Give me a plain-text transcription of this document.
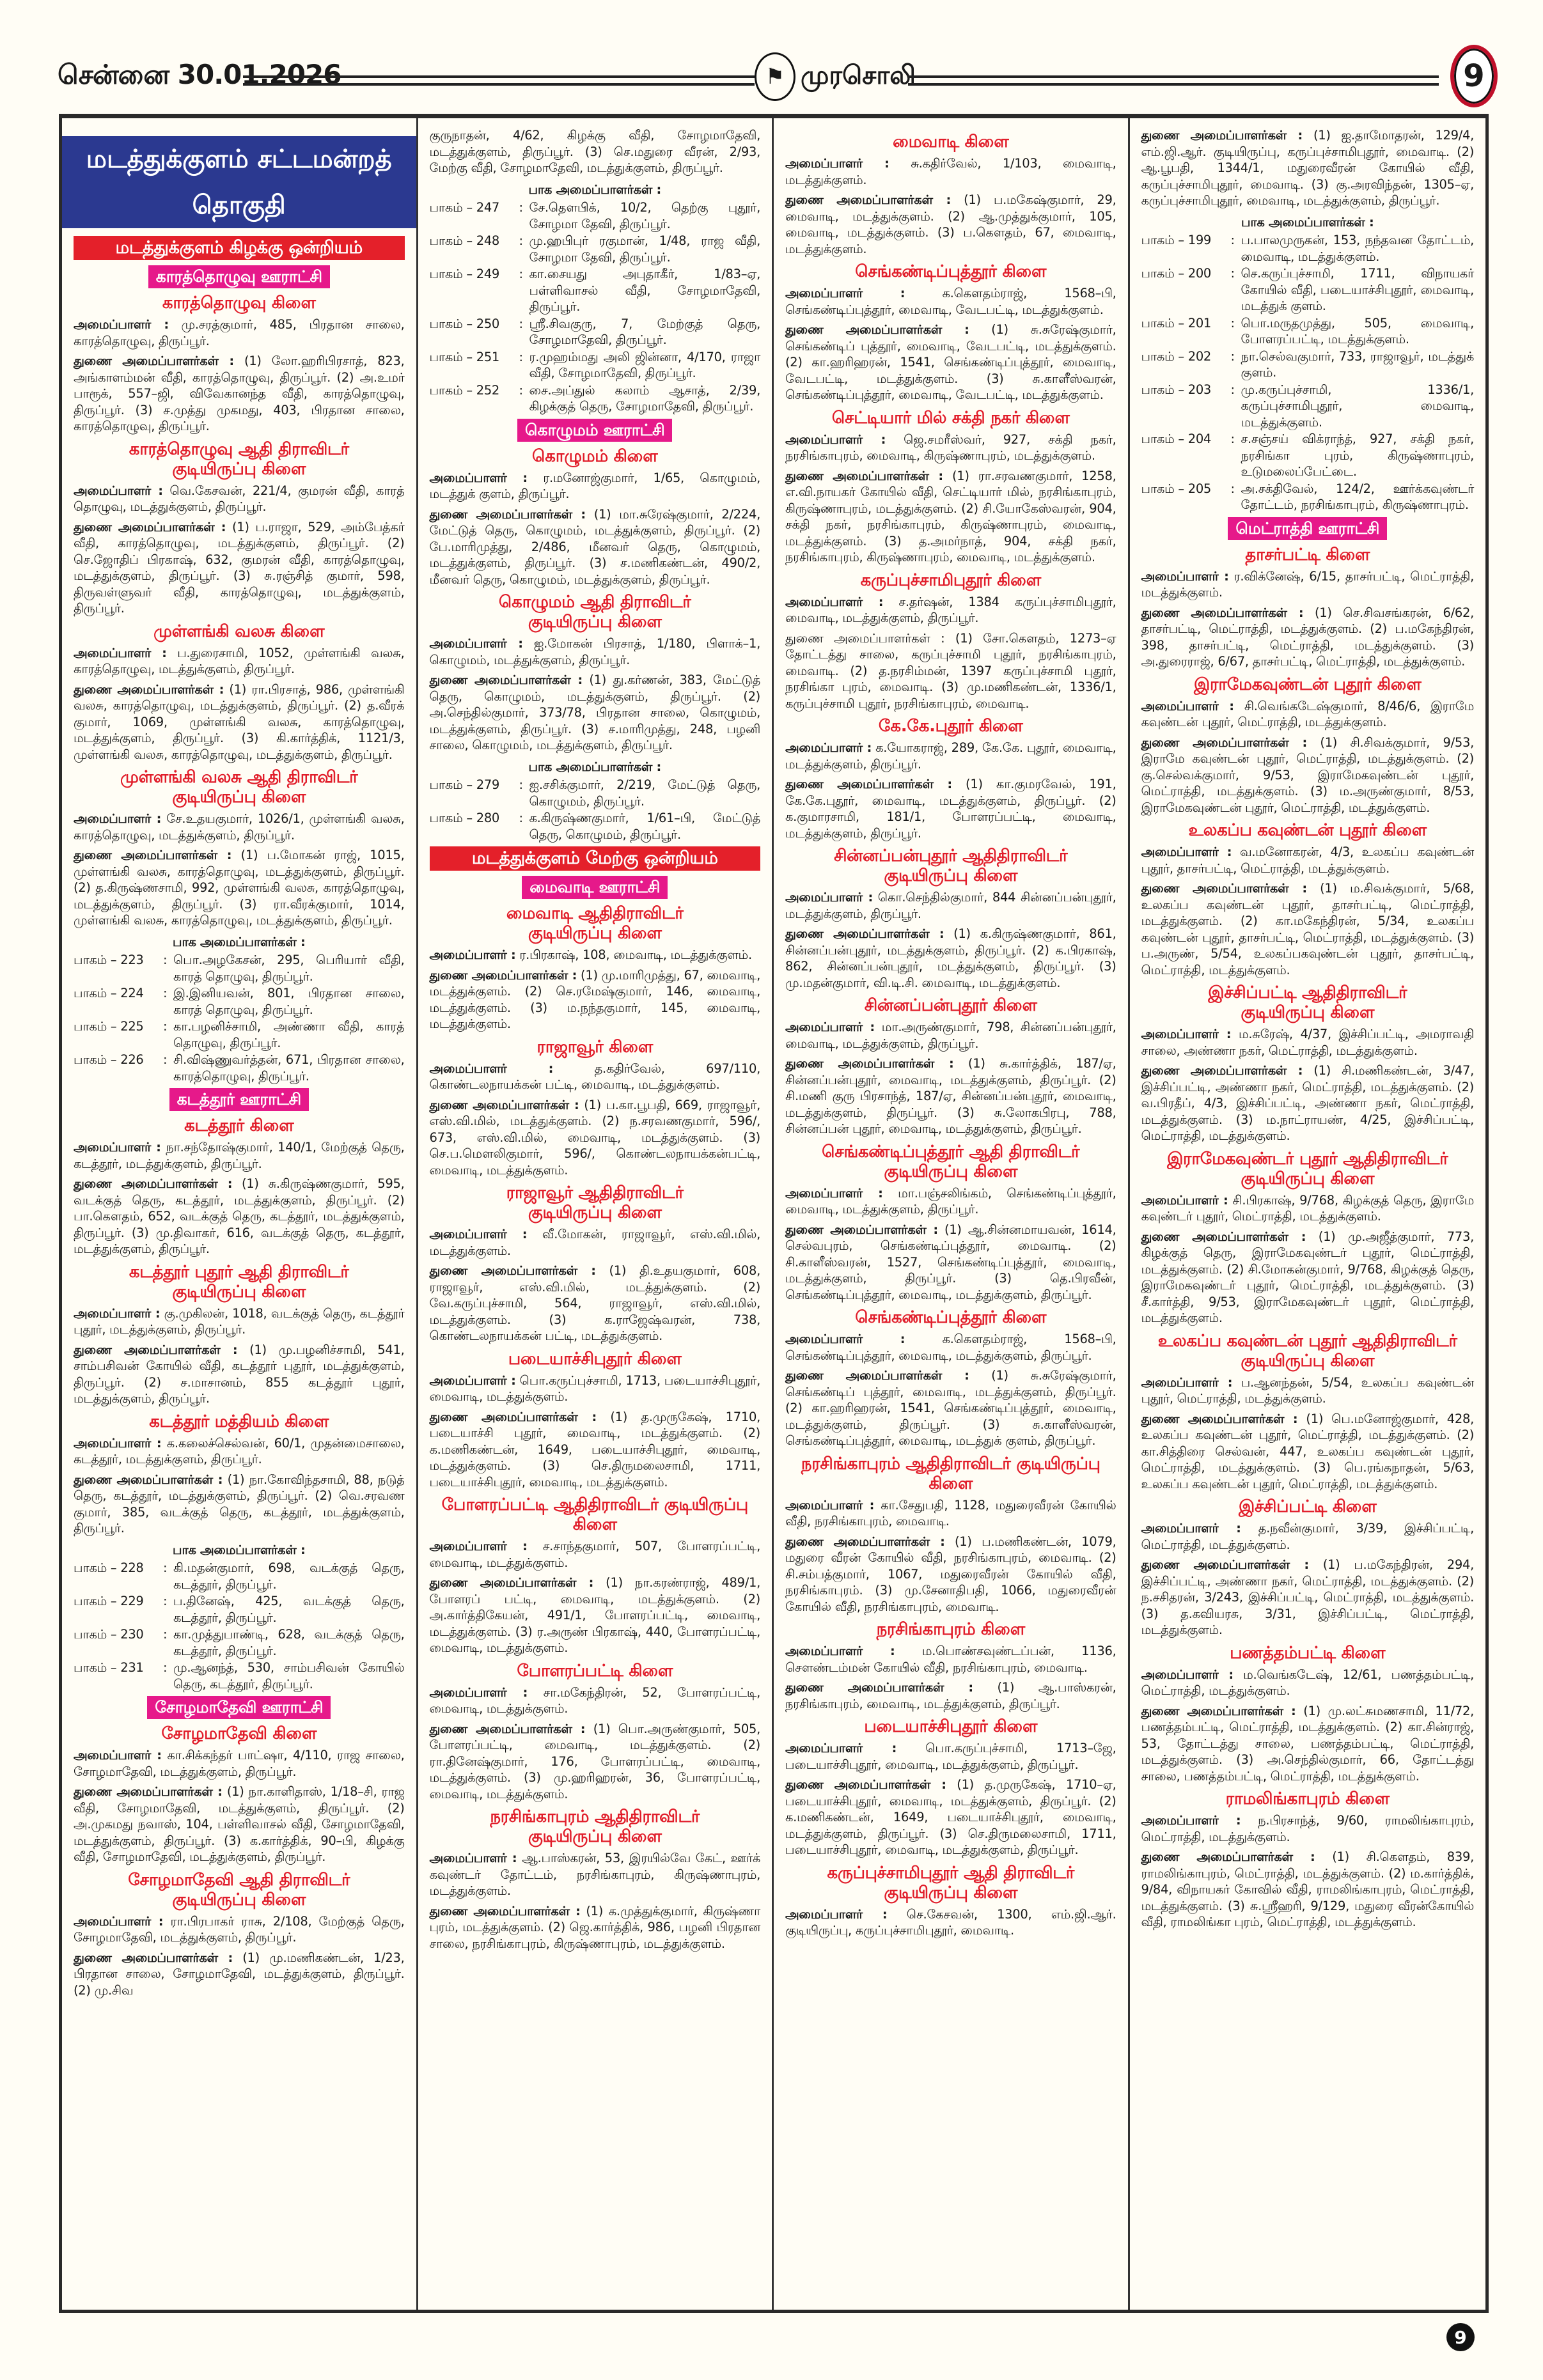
சென்னை 30.01.2026	⚑ முரசொலி	9
மடத்துக்குளம் சட்டமன்றத் தொகுதி
மடத்துக்குளம் கிழக்கு ஒன்றியம்
காரத்தொழுவு ஊராட்சி
காரத்தொழுவு கிளை

அமைப்பாளர் : மு.சரத்குமார், 485, பிரதான சாலை, காரத்தொழுவு, திருப்பூர்.

துணை அமைப்பாளர்கள் : (1) லோ.ஹரிபிரசாத், 823, அங்காளம்மன் வீதி, காரத்தொழுவு, திருப்பூர். (2) அ.உமர் பாரூக், 557–ஜி, விவேகானந்த வீதி, காரத்தொழுவு, திருப்பூர். (3) ச.முத்து முகமது, 403, பிரதான சாலை, காரத்தொழுவு, திருப்பூர்.

காரத்தொழுவு ஆதி திராவிடர்
குடியிருப்பு கிளை

அமைப்பாளர் : வெ.கேசவன், 221/4, குமரன் வீதி, காரத் தொழுவு, மடத்துக்குளம், திருப்பூர்.

துணை அமைப்பாளர்கள் : (1) ப.ராஜா, 529, அம்பேத்கர் வீதி, காரத்தொழுவு, மடத்துக்குளம், திருப்பூர். (2) செ.ஜோதிப் பிரகாஷ், 632, குமரன் வீதி, காரத்தொழுவு, மடத்துக்குளம், திருப்பூர். (3) சு.ரஞ்சித் குமார், 598, திருவள்ளுவர் வீதி, காரத்தொழுவு, மடத்துக்குளம், திருப்பூர்.

முள்ளங்கி வலசு கிளை

அமைப்பாளர் : ப.துரைசாமி, 1052, முள்ளங்கி வலசு, காரத்தொழுவு, மடத்துக்குளம், திருப்பூர்.

துணை அமைப்பாளர்கள் : (1) ரா.பிரசாத், 986, முள்ளங்கி வலசு, காரத்தொழுவு, மடத்துக்குளம், திருப்பூர். (2) த.வீரக் குமார், 1069, முள்ளங்கி வலசு, காரத்தொழுவு, மடத்துக்குளம், திருப்பூர். (3) கி.கார்த்திக், 1121/3, முள்ளங்கி வலசு, காரத்தொழுவு, மடத்துக்குளம், திருப்பூர்.

முள்ளங்கி வலசு ஆதி திராவிடர்
குடியிருப்பு கிளை

அமைப்பாளர் : சே.உதயகுமார், 1026/1, முள்ளங்கி வலசு, காரத்தொழுவு, மடத்துக்குளம், திருப்பூர்.

துணை அமைப்பாளர்கள் : (1) ப.மோகன் ராஜ், 1015, முள்ளங்கி வலசு, காரத்தொழுவு, மடத்துக்குளம், திருப்பூர். (2) த.கிருஷ்ணசாமி, 992, முள்ளங்கி வலசு, காரத்தொழுவு, மடத்துக்குளம், திருப்பூர். (3) ரா.வீரக்குமார், 1014, முள்ளங்கி வலசு, காரத்தொழுவு, மடத்துக்குளம், திருப்பூர்.

பாக அமைப்பாளர்கள் :
பாகம் – 223	: பொ.அழகேசன், 295, பெரியார் வீதி, காரத் தொழுவு, திருப்பூர்.
பாகம் – 224	: இ.இனியவன், 801, பிரதான சாலை, காரத் தொழுவு, திருப்பூர்.
பாகம் – 225	: கா.பழனிச்சாமி, அண்ணா வீதி, காரத் தொழுவு, திருப்பூர்.
பாகம் – 226	: சி.விஷ்ணுவர்த்தன், 671, பிரதான சாலை, காரத்தொழுவு, திருப்பூர்.
கடத்தூர் ஊராட்சி
கடத்தூர் கிளை

அமைப்பாளர் : நா.சந்தோஷ்குமார், 140/1, மேற்குத் தெரு, கடத்தூர், மடத்துக்குளம், திருப்பூர்.

துணை அமைப்பாளர்கள் : (1) சு.கிருஷ்ணகுமார், 595, வடக்குத் தெரு, கடத்தூர், மடத்துக்குளம், திருப்பூர். (2) பா.கௌதம், 652, வடக்குத் தெரு, கடத்தூர், மடத்துக்குளம், திருப்பூர். (3) மு.திவாகர், 616, வடக்குத் தெரு, கடத்தூர், மடத்துக்குளம், திருப்பூர்.

கடத்தூர் புதூர் ஆதி திராவிடர்
குடியிருப்பு கிளை

அமைப்பாளர் : கு.முகிலன், 1018, வடக்குத் தெரு, கடத்தூர் புதூர், மடத்துக்குளம், திருப்பூர்.

துணை அமைப்பாளர்கள் : (1) மு.பழனிச்சாமி, 541, சாம்பசிவன் கோயில் வீதி, கடத்தூர் புதூர், மடத்துக்குளம், திருப்பூர். (2) ச.மாசானம், 855 கடத்தூர் புதூர், மடத்துக்குளம், திருப்பூர்.

கடத்தூர் மத்தியம் கிளை

அமைப்பாளர் : க.கலைச்செல்வன், 60/1, முதன்மைசாலை, கடத்தூர், மடத்துக்குளம், திருப்பூர்.

துணை அமைப்பாளர்கள் : (1) நா.கோவிந்தசாமி, 88, நடுத் தெரு, கடத்தூர், மடத்துக்குளம், திருப்பூர். (2) வெ.சரவண குமார், 385, வடக்குத் தெரு, கடத்தூர், மடத்துக்குளம், திருப்பூர்.

பாக அமைப்பாளர்கள் :
பாகம் – 228	: கி.மதன்குமார், 698, வடக்குத் தெரு, கடத்தூர், திருப்பூர்.
பாகம் – 229	: ப.தினேஷ், 425, வடக்குத் தெரு, கடத்தூர், திருப்பூர்.
பாகம் – 230	: கா.முத்துபாண்டி, 628, வடக்குத் தெரு, கடத்தூர், திருப்பூர்.
பாகம் – 231	: மு.ஆனந்த், 530, சாம்பசிவன் கோயில் தெரு, கடத்தூர், திருப்பூர்.
சோழமாதேவி ஊராட்சி
சோழமாதேவி கிளை

அமைப்பாளர் : கா.சிக்கந்தர் பாட்ஷா, 4/110, ராஜ சாலை, சோழமாதேவி, மடத்துக்குளம், திருப்பூர்.

துணை அமைப்பாளர்கள் : (1) நா.காளிதாஸ், 1/18–சி, ராஜ வீதி, சோழமாதேவி, மடத்துக்குளம், திருப்பூர். (2) அ.முகமது நவாஸ், 104, பள்ளிவாசல் வீதி, சோழமாதேவி, மடத்துக்குளம், திருப்பூர். (3) க.கார்த்திக், 90–பி, கிழக்கு வீதி, சோழமாதேவி, மடத்துக்குளம், திருப்பூர்.

சோழமாதேவி ஆதி திராவிடர்
குடியிருப்பு கிளை

அமைப்பாளர் : ரா.பிரபாகர் ராசு, 2/108, மேற்குத் தெரு, சோழமாதேவி, மடத்துக்குளம், திருப்பூர்.

துணை அமைப்பாளர்கள் : (1) மு.மணிகண்டன், 1/23, பிரதான சாலை, சோழமாதேவி, மடத்துக்குளம், திருப்பூர். (2) மு.சிவ

குருநாதன், 4/62, கிழக்கு வீதி, சோழமாதேவி, மடத்துக்குளம், திருப்பூர். (3) செ.மதுரை வீரன், 2/93, மேற்கு வீதி, சோழமாதேவி, மடத்துக்குளம், திருப்பூர்.

பாக அமைப்பாளர்கள் :
பாகம் – 247	: சே.தௌபிக், 10/2, தெற்கு புதூர், சோழமா தேவி, திருப்பூர்.
பாகம் – 248	: மு.ஹபிபுர் ரகுமான், 1/48, ராஜ வீதி, சோழமா தேவி, திருப்பூர்.
பாகம் – 249	: கா.சையது அபுதாகீர், 1/83–ஏ, பள்ளிவாசல் வீதி, சோழமாதேவி, திருப்பூர்.
பாகம் – 250	: ஸ்ரீ.சிவகுரு, 7, மேற்குத் தெரு, சோழமாதேவி, திருப்பூர்.
பாகம் – 251	: ர.முஹம்மது அலி ஜின்னா, 4/170, ராஜா வீதி, சோழமாதேவி, திருப்பூர்.
பாகம் – 252	: சை.அப்துல் கலாம் ஆசாத், 2/39, கிழக்குத் தெரு, சோழமாதேவி, திருப்பூர்.
கொழுமம் ஊராட்சி
கொழுமம் கிளை

அமைப்பாளர் : ர.மனோஜ்குமார், 1/65, கொழுமம், மடத்துக் குளம், திருப்பூர்.

துணை அமைப்பாளர்கள் : (1) மா.சுரேஷ்குமார், 2/224, மேட்டுத் தெரு, கொழுமம், மடத்துக்குளம், திருப்பூர். (2) பே.மாரிமுத்து, 2/486, மீனவர் தெரு, கொழுமம், மடத்துக்குளம், திருப்பூர். (3) ச.மணிகண்டன், 490/2, மீனவர் தெரு, கொழுமம், மடத்துக்குளம், திருப்பூர்.

கொழுமம் ஆதி திராவிடர்
குடியிருப்பு கிளை

அமைப்பாளர் : ஐ.மோகன் பிரசாத், 1/180, பிளாக்–1, கொழுமம், மடத்துக்குளம், திருப்பூர்.

துணை அமைப்பாளர்கள் : (1) து.கர்ணன், 383, மேட்டுத் தெரு, கொழுமம், மடத்துக்குளம், திருப்பூர். (2) அ.செந்தில்குமார், 373/78, பிரதான சாலை, கொழுமம், மடத்துக்குளம், திருப்பூர். (3) ச.மாரிமுத்து, 248, பழனி சாலை, கொழுமம், மடத்துக்குளம், திருப்பூர்.

பாக அமைப்பாளர்கள் :
பாகம் – 279	: ஐ.சசிக்குமார், 2/219, மேட்டுத் தெரு, கொழுமம், திருப்பூர்.
பாகம் – 280	: க.கிருஷ்ணகுமார், 1/61–பி, மேட்டுத் தெரு, கொழுமம், திருப்பூர்.
மடத்துக்குளம் மேற்கு ஒன்றியம்
மைவாடி ஊராட்சி
மைவாடி ஆதிதிராவிடர்
குடியிருப்பு கிளை

அமைப்பாளர் : ர.பிரகாஷ், 108, மைவாடி, மடத்துக்குளம்.

துணை அமைப்பாளர்கள் : (1) மு.மாரிமுத்து, 67, மைவாடி, மடத்துக்குளம். (2) செ.ரமேஷ்குமார், 146, மைவாடி, மடத்துக்குளம். (3) ம.நந்தகுமார், 145, மைவாடி, மடத்துக்குளம்.

ராஜாவூர் கிளை

அமைப்பாளர் :	த.கதிர்வேல், 697/110, கொண்டலநாயக்கன் பட்டி, மைவாடி, மடத்துக்குளம்.

துணை அமைப்பாளர்கள் : (1) ப.கா.பூபதி, 669, ராஜாவூர், எஸ்.வி.மில், மடத்துக்குளம். (2) ந.சரவணகுமார், 596/, 673, எஸ்.வி.மில், மைவாடி, மடத்துக்குளம். (3) செ.ப.மௌலிகுமார், 596/, கொண்டலநாயக்கன்பட்டி, மைவாடி, மடத்துக்குளம்.

ராஜாவூர் ஆதிதிராவிடர்
குடியிருப்பு கிளை

அமைப்பாளர் : வீ.மோகன், ராஜாவூர், எஸ்.வி.மில், மடத்துக்குளம்.

துணை அமைப்பாளர்கள் : (1) தி.உதயகுமார், 608, ராஜாவூர், எஸ்.வி.மில், மடத்துக்குளம். (2) வே.கருப்புச்சாமி, 564, ராஜாவூர், எஸ்.வி.மில், மடத்துக்குளம். (3) க.ராஜேஷ்வரன், 738, கொண்டலநாயக்கன் பட்டி, மடத்துக்குளம்.

படையாச்சிபுதூர் கிளை

அமைப்பாளர் : பொ.கருப்புச்சாமி, 1713, படையாச்சிபுதூர், மைவாடி, மடத்துக்குளம்.

துணை அமைப்பாளர்கள் : (1) த.முருகேஷ், 1710, படையாச்சி புதூர், மைவாடி, மடத்துக்குளம். (2) க.மணிகண்டன், 1649, படையாச்சிபுதூர், மைவாடி, மடத்துக்குளம். (3) செ.திருமலைசாமி, 1711, படையாச்சிபுதூர், மைவாடி, மடத்துக்குளம்.

போளரப்பட்டி ஆதிதிராவிடர் குடியிருப்பு கிளை

அமைப்பாளர் : ச.சாந்தகுமார், 507, போளரப்பட்டி, மைவாடி, மடத்துக்குளம்.

துணை அமைப்பாளர்கள் : (1) நா.கரண்ராஜ், 489/1, போளரப் பட்டி, மைவாடி, மடத்துக்குளம். (2) அ.கார்த்திகேயன், 491/1, போளரப்பட்டி, மைவாடி, மடத்துக்குளம். (3) ர.அருண் பிரகாஷ், 440, போளரப்பட்டி, மைவாடி, மடத்துக்குளம்.

போளரப்பட்டி கிளை

அமைப்பாளர் : சா.மகேந்திரன், 52, போளரப்பட்டி, மைவாடி, மடத்துக்குளம்.

துணை அமைப்பாளர்கள் : (1) பொ.அருண்குமார், 505, போளரப்பட்டி, மைவாடி, மடத்துக்குளம். (2) ரா.தினேஷ்குமார், 176, போளரப்பட்டி, மைவாடி, மடத்துக்குளம். (3) மு.ஹரிஹரன், 36, போளரப்பட்டி, மைவாடி, மடத்துக்குளம்.

நரசிங்காபுரம் ஆதிதிராவிடர்
குடியிருப்பு கிளை

அமைப்பாளர் : ஆ.பாஸ்கரன், 53, இரயில்வே கேட், ஊர்க் கவுண்டர் தோட்டம், நரசிங்காபுரம், கிருஷ்ணாபுரம், மடத்துக்குளம்.

துணை அமைப்பாளர்கள் : (1) க.முத்துக்குமார், கிருஷ்ணா புரம், மடத்துக்குளம். (2) ஜெ.கார்த்திக், 986, பழனி பிரதான சாலை, நரசிங்காபுரம், கிருஷ்ணாபுரம், மடத்துக்குளம்.

மைவாடி கிளை

அமைப்பாளர் : சு.கதிர்வேல், 1/103, மைவாடி, மடத்துக்குளம்.

துணை அமைப்பாளர்கள் : (1) ப.மகேஷ்குமார், 29, மைவாடி, மடத்துக்குளம். (2) ஆ.முத்துக்குமார், 105, மைவாடி, மடத்துக்குளம். (3) ப.கௌதம், 67, மைவாடி, மடத்துக்குளம்.

செங்கண்டிப்புத்தூர் கிளை

அமைப்பாளர் :	க.கௌதம்ராஜ், 1568–பி, செங்கண்டிப்புத்தூர், மைவாடி, வேடபட்டி, மடத்துக்குளம்.

துணை அமைப்பாளர்கள் : (1) சு.சுரேஷ்குமார், செங்கண்டிப் புத்தூர், மைவாடி, வேடபட்டி, மடத்துக்குளம். (2) கா.ஹரிஹரன், 1541, செங்கண்டிப்புத்தூர், மைவாடி, வேடபட்டி, மடத்துக்குளம். (3) சு.காளீஸ்வரன், செங்கண்டிப்புத்தூர், மைவாடி, வேடபட்டி, மடத்துக்குளம்.

செட்டியார் மில் சக்தி நகர் கிளை

அமைப்பாளர் : ஜெ.சமரீஸ்வர், 927, சக்தி நகர், நரசிங்காபுரம், மைவாடி, கிருஷ்ணாபுரம், மடத்துக்குளம்.

துணை அமைப்பாளர்கள் : (1) ரா.சரவணகுமார், 1258, எ.வி.நாயகர் கோயில் வீதி, செட்டியார் மில், நரசிங்காபுரம், கிருஷ்ணாபுரம், மடத்துக்குளம். (2) சி.யோகேஸ்வரன், 904, சக்தி நகர், நரசிங்காபுரம், கிருஷ்ணாபுரம், மைவாடி, மடத்துக்குளம். (3) த.அமர்நாத், 904, சக்தி நகர், நரசிங்காபுரம், கிருஷ்ணாபுரம், மைவாடி, மடத்துக்குளம்.

கருப்புச்சாமிபுதூர் கிளை

அமைப்பாளர் : ச.தர்ஷன், 1384 கருப்புச்சாமிபுதூர், மைவாடி, மடத்துக்குளம், திருப்பூர்.

துணை அமைப்பாளர்கள் : (1) சோ.கௌதம், 1273–ஏ தோட்டத்து சாலை, கருப்புச்சாமி புதூர், நரசிங்காபுரம், மைவாடி. (2) த.நரசிம்மன், 1397 கருப்புச்சாமி புதூர், நரசிங்கா புரம், மைவாடி. (3) மு.மணிகண்டன், 1336/1, கருப்புச்சாமி புதூர், நரசிங்காபுரம், மைவாடி.

கே.கே.புதூர் கிளை

அமைப்பாளர் : க.யோகராஜ், 289, கே.கே. புதூர், மைவாடி, மடத்துக்குளம், திருப்பூர்.

துணை அமைப்பாளர்கள் : (1) கா.குமரவேல், 191, கே.கே.புதூர், மைவாடி, மடத்துக்குளம், திருப்பூர். (2) க.குமாரசாமி, 181/1, போளரப்பட்டி, மைவாடி, மடத்துக்குளம், திருப்பூர்.

சின்னப்பன்புதூர் ஆதிதிராவிடர்
குடியிருப்பு கிளை

அமைப்பாளர் : கொ.செந்தில்குமார், 844 சின்னப்பன்புதூர், மடத்துக்குளம், திருப்பூர்.

துணை அமைப்பாளர்கள் : (1) க.கிருஷ்ணகுமார், 861, சின்னப்பன்புதூர், மடத்துக்குளம், திருப்பூர். (2) க.பிரகாஷ், 862, சின்னப்பன்புதூர், மடத்துக்குளம், திருப்பூர். (3) மு.மதன்குமார், வி.டி.சி. மைவாடி, மடத்துக்குளம்.

சின்னப்பன்புதூர் கிளை

அமைப்பாளர் : மா.அருண்குமார், 798, சின்னப்பன்புதூர், மைவாடி, மடத்துக்குளம், திருப்பூர்.

துணை அமைப்பாளர்கள் : (1) சு.கார்த்திக், 187/ஏ, சின்னப்பன்புதூர், மைவாடி, மடத்துக்குளம், திருப்பூர். (2) சி.மணி குரு பிரசாந்த், 187/ஏ, சின்னப்பன்புதூர், மைவாடி, மடத்துக்குளம், திருப்பூர். (3) சு.லோகபிரபு, 788, சின்னப்பன் புதூர், மைவாடி, மடத்துக்குளம், திருப்பூர்.

செங்கண்டிப்புத்தூர் ஆதி திராவிடர்
குடியிருப்பு கிளை

அமைப்பாளர் : மா.பஞ்சலிங்கம், செங்கண்டிப்புத்தூர், மைவாடி, மடத்துக்குளம், திருப்பூர்.

துணை அமைப்பாளர்கள் : (1) ஆ.சின்னமாயவன், 1614, செல்வபுரம், செங்கண்டிப்புத்தூர், மைவாடி. (2) சி.காளீஸ்வரன், 1527, செங்கண்டிப்புத்தூர், மைவாடி, மடத்துக்குளம், திருப்பூர். (3) தெ.பிரவீன், செங்கண்டிப்புத்தூர், மைவாடி, மடத்துக்குளம், திருப்பூர்.

செங்கண்டிப்புத்தூர் கிளை

அமைப்பாளர் :	க.கௌதம்ராஜ், 1568–பி, செங்கண்டிப்புத்தூர், மைவாடி, மடத்துக்குளம், திருப்பூர்.

துணை அமைப்பாளர்கள் : (1) சு.சுரேஷ்குமார், செங்கண்டிப் புத்தூர், மைவாடி, மடத்துக்குளம், திருப்பூர். (2) கா.ஹரிஹரன், 1541, செங்கண்டிப்புத்தூர், மைவாடி, மடத்துக்குளம், திருப்பூர். (3) சு.காளீஸ்வரன், செங்கண்டிப்புத்தூர், மைவாடி, மடத்துக் குளம், திருப்பூர்.

நரசிங்காபுரம் ஆதிதிராவிடர் குடியிருப்பு கிளை

அமைப்பாளர் : கா.சேதுபதி, 1128, மதுரைவீரன் கோயில் வீதி, நரசிங்காபுரம், மைவாடி.

துணை அமைப்பாளர்கள் : (1) ப.மணிகண்டன், 1079, மதுரை வீரன் கோயில் வீதி, நரசிங்காபுரம், மைவாடி. (2) சி.சம்பத்குமார், 1067, மதுரைவீரன் கோயில் வீதி, நரசிங்காபுரம். (3) மு.சேனாதிபதி, 1066, மதுரைவீரன் கோயில் வீதி, நரசிங்காபுரம், மைவாடி.

நரசிங்காபுரம் கிளை

அமைப்பாளர் : ம.பொண்சவுண்டப்பன், 1136, சௌண்டம்மன் கோயில் வீதி, நரசிங்காபுரம், மைவாடி.

துணை அமைப்பாளர்கள் : (1) ஆ.பாஸ்கரன், நரசிங்காபுரம், மைவாடி, மடத்துக்குளம், திருப்பூர்.

படையாச்சிபுதூர் கிளை

அமைப்பாளர் : பொ.கருப்புச்சாமி, 1713–ஜே, படையாச்சிபுதூர், மைவாடி, மடத்துக்குளம், திருப்பூர்.

துணை அமைப்பாளர்கள் : (1) த.முருகேஷ், 1710–ஏ, படையாச்சிபுதூர், மைவாடி, மடத்துக்குளம், திருப்பூர். (2) க.மணிகண்டன், 1649, படையாச்சிபுதூர், மைவாடி, மடத்துக்குளம், திருப்பூர். (3) செ.திருமலைசாமி, 1711, படையாச்சிபுதூர், மைவாடி, மடத்துக்குளம், திருப்பூர்.

கருப்புச்சாமிபுதூர் ஆதி திராவிடர்
குடியிருப்பு கிளை

அமைப்பாளர் : செ.கேசவன், 1300, எம்.ஜி.ஆர். குடியிருப்பு, கருப்புச்சாமிபுதூர், மைவாடி.

துணை அமைப்பாளர்கள் : (1) ஐ.தாமோதரன், 129/4, எம்.ஜி.ஆர். குடியிருப்பு, கருப்புச்சாமிபுதூர், மைவாடி. (2) ஆ.பூபதி, 1344/1, மதுரைவீரன் கோயில் வீதி, கருப்புச்சாமிபுதூர், மைவாடி. (3) கு.அரவிந்தன், 1305–ஏ, கருப்புச்சாமிபுதூர், மைவாடி, மடத்துக்குளம், திருப்பூர்.

பாக அமைப்பாளர்கள் :
பாகம் – 199	: ப.பாலமுருகன், 153, நந்தவன தோட்டம், மைவாடி, மடத்துக்குளம்.
பாகம் – 200	: செ.கருப்புச்சாமி, 1711, விநாயகர் கோயில் வீதி, படையாச்சிபுதூர், மைவாடி, மடத்துக் குளம்.
பாகம் – 201	: பொ.மருதமுத்து, 505, மைவாடி, போளரப்பட்டி, மடத்துக்குளம்.
பாகம் – 202	: நா.செல்வகுமார், 733, ராஜாவூர், மடத்துக் குளம்.
பாகம் – 203	: மு.கருப்புச்சாமி, 1336/1, கருப்புச்சாமிபுதூர், மைவாடி, மடத்துக்குளம்.
பாகம் – 204	: ச.சஞ்சய் விக்ராந்த், 927, சக்தி நகர், நரசிங்கா புரம், கிருஷ்ணாபுரம், உடுமலைப்பேட்டை.
பாகம் – 205	: அ.சக்திவேல், 124/2, ஊர்க்கவுண்டர் தோட்டம், நரசிங்காபுரம், கிருஷ்ணாபுரம்.
மெட்ராத்தி ஊராட்சி
தாசர்பட்டி கிளை

அமைப்பாளர் : ர.விக்னேஷ், 6/15, தாசர்பட்டி, மெட்ராத்தி, மடத்துக்குளம்.

துணை அமைப்பாளர்கள் : (1) செ.சிவசங்கரன், 6/62, தாசர்பட்டி, மெட்ராத்தி, மடத்துக்குளம். (2) ப.மகேந்திரன், 398, தாசர்பட்டி, மெட்ராத்தி, மடத்துக்குளம். (3) அ.துரைராஜ், 6/67, தாசர்பட்டி, மெட்ராத்தி, மடத்துக்குளம்.

இராமேகவுண்டன் புதூர் கிளை

அமைப்பாளர் : சி.வெங்கடேஷ்குமார், 8/46/6, இராமே கவுண்டன் புதூர், மெட்ராத்தி, மடத்துக்குளம்.

துணை அமைப்பாளர்கள் : (1) சி.சிவக்குமார், 9/53, இராமே கவுண்டன் புதூர், மெட்ராத்தி, மடத்துக்குளம். (2) கு.செல்வக்குமார், 9/53, இராமேகவுண்டன் புதூர், மெட்ராத்தி, மடத்துக்குளம். (3) ம.அருண்குமார், 8/53, இராமேகவுண்டன் புதூர், மெட்ராத்தி, மடத்துக்குளம்.

உலகப்ப கவுண்டன் புதூர் கிளை

அமைப்பாளர் : வ.மனோகரன், 4/3, உலகப்ப கவுண்டன் புதூர், தாசர்பட்டி, மெட்ராத்தி, மடத்துக்குளம்.

துணை அமைப்பாளர்கள் : (1) ம.சிவக்குமார், 5/68, உலகப்ப கவுண்டன் புதூர், தாசர்பட்டி, மெட்ராத்தி, மடத்துக்குளம். (2) கா.மகேந்திரன், 5/34, உலகப்ப கவுண்டன் புதூர், தாசர்பட்டி, மெட்ராத்தி, மடத்துக்குளம். (3) ப.அருண், 5/54, உலகப்பகவுண்டன் புதூர், தாசர்பட்டி, மெட்ராத்தி, மடத்துக்குளம்.

இச்சிப்பட்டி ஆதிதிராவிடர்
குடியிருப்பு கிளை

அமைப்பாளர் : ம.சுரேஷ், 4/37, இச்சிப்பட்டி, அமராவதி சாலை, அண்ணா நகர், மெட்ராத்தி, மடத்துக்குளம்.

துணை அமைப்பாளர்கள் : (1) சி.மணிகண்டன், 3/47, இச்சிப்பட்டி, அண்ணா நகர், மெட்ராத்தி, மடத்துக்குளம். (2) வ.பிரதீப், 4/3, இச்சிப்பட்டி, அண்ணா நகர், மெட்ராத்தி, மடத்துக்குளம். (3) ம.நாட்ராயண், 4/25, இச்சிப்பட்டி, மெட்ராத்தி, மடத்துக்குளம்.

இராமேகவுண்டர் புதூர் ஆதிதிராவிடர்
குடியிருப்பு கிளை

அமைப்பாளர் : சி.பிரகாஷ், 9/768, கிழக்குத் தெரு, இராமே கவுண்டர் புதூர், மெட்ராத்தி, மடத்துக்குளம்.

துணை அமைப்பாளர்கள் : (1) மு.அஜீத்குமார், 773, கிழக்குத் தெரு, இராமேகவுண்டர் புதூர், மெட்ராத்தி, மடத்துக்குளம். (2) சி.மோகன்குமார், 9/768, கிழக்குத் தெரு, இராமேகவுண்டர் புதூர், மெட்ராத்தி, மடத்துக்குளம். (3) சீ.கார்த்தி, 9/53, இராமேகவுண்டர் புதூர், மெட்ராத்தி, மடத்துக்குளம்.

உலகப்ப கவுண்டன் புதூர் ஆதிதிராவிடர்
குடியிருப்பு கிளை

அமைப்பாளர் : ப.ஆனந்தன், 5/54, உலகப்ப கவுண்டன் புதூர், மெட்ராத்தி, மடத்துக்குளம்.

துணை அமைப்பாளர்கள் : (1) பெ.மனோஜ்குமார், 428, உலகப்ப கவுண்டன் புதூர், மெட்ராத்தி, மடத்துக்குளம். (2) கா.சித்திரை செல்வன், 447, உலகப்ப கவுண்டன் புதூர், மெட்ராத்தி, மடத்துக்குளம். (3) பெ.ரங்கநாதன், 5/63, உலகப்ப கவுண்டன் புதூர், மெட்ராத்தி, மடத்துக்குளம்.

இச்சிப்பட்டி கிளை

அமைப்பாளர் : த.நவீன்குமார், 3/39, இச்சிப்பட்டி, மெட்ராத்தி, மடத்துக்குளம்.

துணை அமைப்பாளர்கள் : (1) ப.மகேந்திரன், 294, இச்சிப்பட்டி, அண்ணா நகர், மெட்ராத்தி, மடத்துக்குளம். (2) ந.சசிதரன், 3/243, இச்சிப்பட்டி, மெட்ராத்தி, மடத்துக்குளம். (3) த.கவியரசு, 3/31, இச்சிப்பட்டி, மெட்ராத்தி, மடத்துக்குளம்.

பணத்தம்பட்டி கிளை

அமைப்பாளர் : ம.வெங்கடேஷ், 12/61, பணத்தம்பட்டி, மெட்ராத்தி, மடத்துக்குளம்.

துணை அமைப்பாளர்கள் : (1) மு.லட்சுமணசாமி, 11/72, பணத்தம்பட்டி, மெட்ராத்தி, மடத்துக்குளம். (2) கா.சின்ராஜ், 53, தோட்டத்து சாலை, பணத்தம்பட்டி, மெட்ராத்தி, மடத்துக்குளம். (3) அ.செந்தில்குமார், 66, தோட்டத்து சாலை, பணத்தம்பட்டி, மெட்ராத்தி, மடத்துக்குளம்.

ராமலிங்காபுரம் கிளை

அமைப்பாளர் : ந.பிரசாந்த், 9/60, ராமலிங்காபுரம், மெட்ராத்தி, மடத்துக்குளம்.

துணை அமைப்பாளர்கள் : (1) சி.கௌதம், 839, ராமலிங்காபுரம், மெட்ராத்தி, மடத்துக்குளம். (2) ம.கார்த்திக், 9/84, விநாயகர் கோவில் வீதி, ராமலிங்காபுரம், மெட்ராத்தி, மடத்துக்குளம். (3) சு.ஸ்ரீஹரி, 9/129, மதுரை வீரன்கோயில் வீதி, ராமலிங்கா புரம், மெட்ராத்தி, மடத்துக்குளம்.

9
